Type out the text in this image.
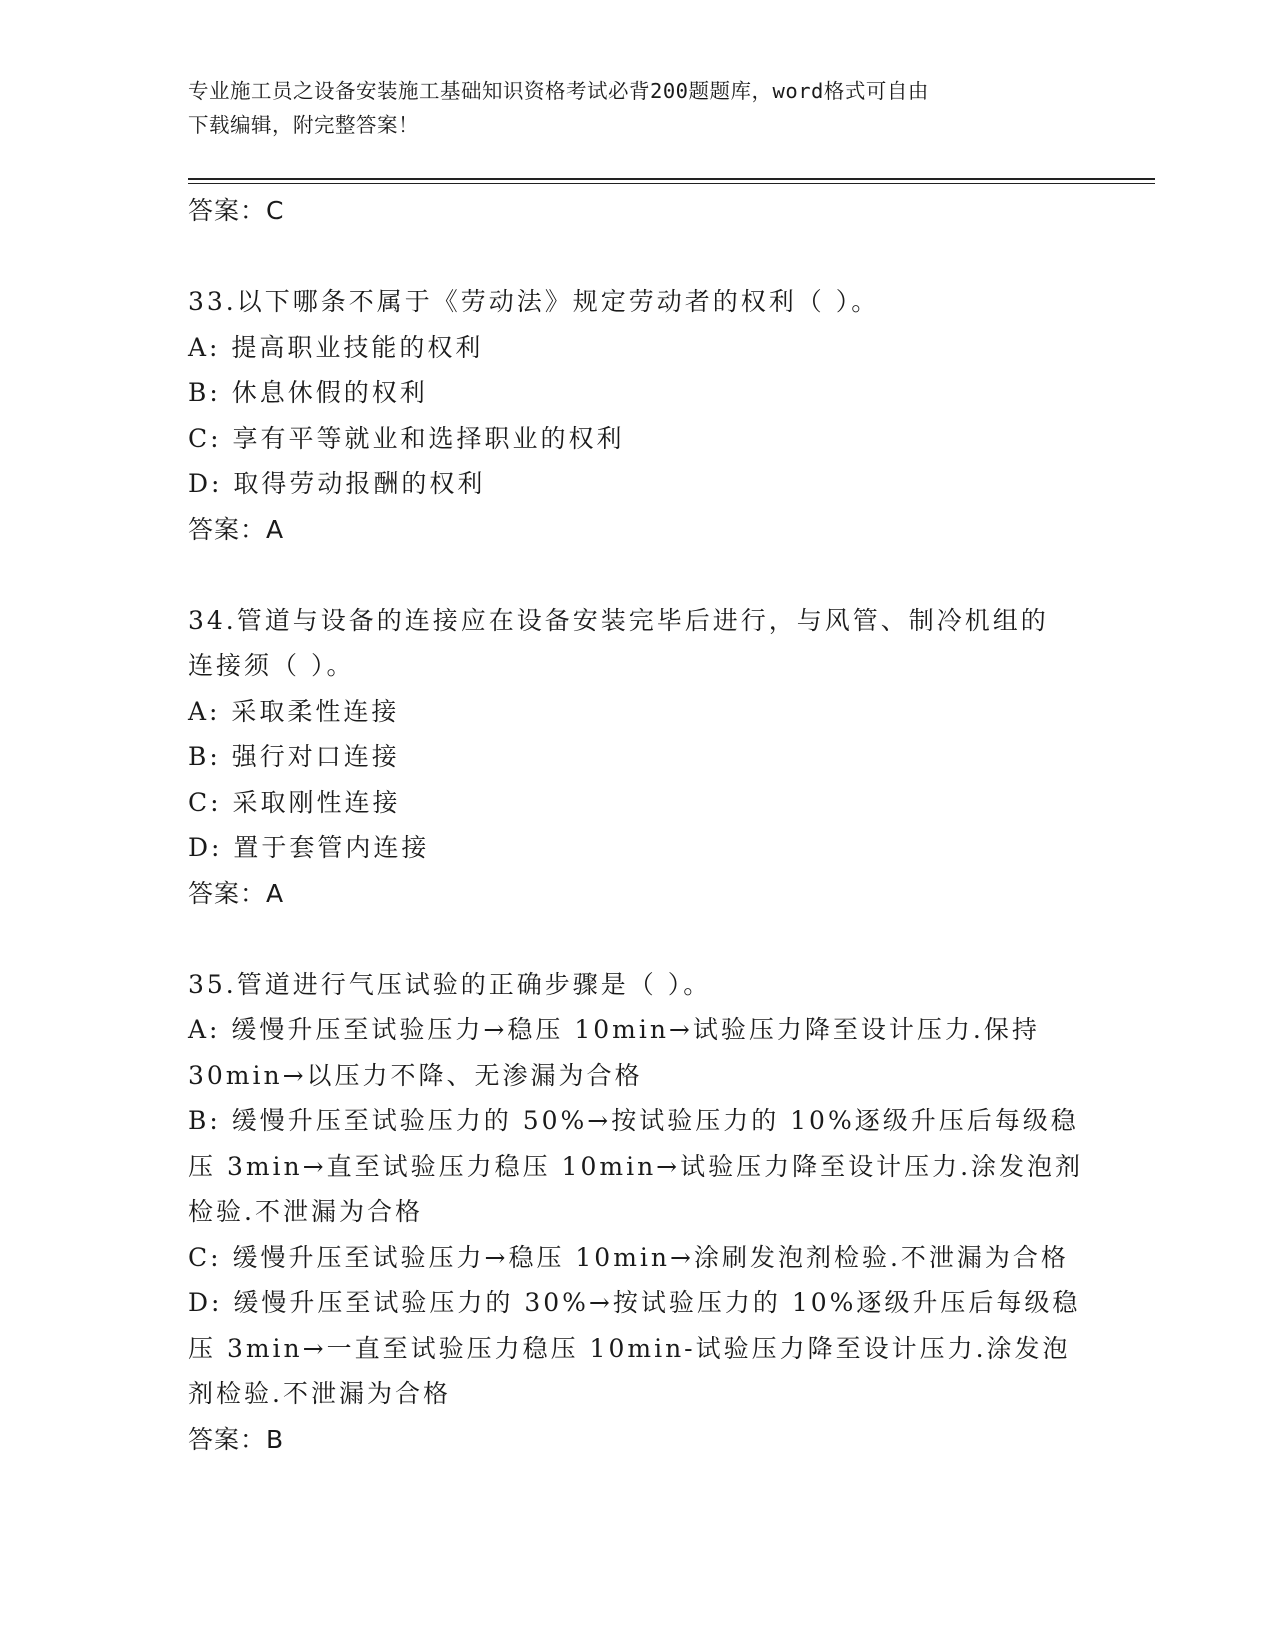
专业施工员之设备安装施工基础知识资格考试必背200题题库，word格式可自由
下载编辑，附完整答案！
答案：C
33.以下哪条不属于《劳动法》规定劳动者的权利（ ）。
A: 提高职业技能的权利
B: 休息休假的权利
C: 享有平等就业和选择职业的权利
D: 取得劳动报酬的权利
答案：A
34.管道与设备的连接应在设备安装完毕后进行，与风管、制冷机组的
连接须（ ）。
A: 采取柔性连接
B: 强行对口连接
C: 采取刚性连接
D: 置于套管内连接
答案：A
35.管道进行气压试验的正确步骤是（ ）。
A: 缓慢升压至试验压力→稳压 10min→试验压力降至设计压力.保持
30min→以压力不降、无渗漏为合格
B: 缓慢升压至试验压力的 50%→按试验压力的 10%逐级升压后每级稳
压 3min→直至试验压力稳压 10min→试验压力降至设计压力.涂发泡剂
检验.不泄漏为合格
C: 缓慢升压至试验压力→稳压 10min→涂刷发泡剂检验.不泄漏为合格
D: 缓慢升压至试验压力的 30%→按试验压力的 10%逐级升压后每级稳
压 3min→一直至试验压力稳压 10min-试验压力降至设计压力.涂发泡
剂检验.不泄漏为合格
答案：B
